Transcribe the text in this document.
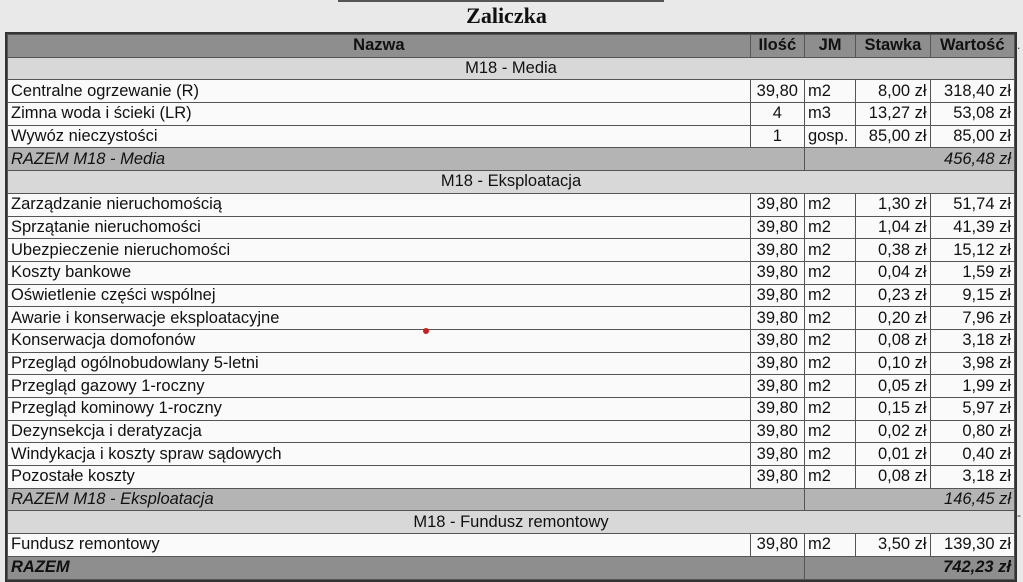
Zaliczka
Nazwa	Ilość	JM	Stawka	Wartość
M18 - Media				
Centralne ogrzewanie (R)	39,80	m2	8,00 zł	318,40 zł
Zimna woda i ścieki (LR)	4	m3	13,27 zł	53,08 zł
Wywóz nieczystości	1	gosp.	85,00 zł	85,00 zł
RAZEM M18 - Media		456,48 zł		
M18 - Eksploatacja				
Zarządzanie nieruchomością	39,80	m2	1,30 zł	51,74 zł
Sprzątanie nieruchomości	39,80	m2	1,04 zł	41,39 zł
Ubezpieczenie nieruchomości	39,80	m2	0,38 zł	15,12 zł
Koszty bankowe	39,80	m2	0,04 zł	1,59 zł
Oświetlenie części wspólnej	39,80	m2	0,23 zł	9,15 zł
Awarie i konserwacje eksploatacyjne	39,80	m2	0,20 zł	7,96 zł
Konserwacja domofonów	39,80	m2	0,08 zł	3,18 zł
Przegląd ogólnobudowlany 5-letni	39,80	m2	0,10 zł	3,98 zł
Przegląd gazowy 1-roczny	39,80	m2	0,05 zł	1,99 zł
Przegląd kominowy 1-roczny	39,80	m2	0,15 zł	5,97 zł
Dezynsekcja i deratyzacja	39,80	m2	0,02 zł	0,80 zł
Windykacja i koszty spraw sądowych	39,80	m2	0,01 zł	0,40 zł
Pozostałe koszty	39,80	m2	0,08 zł	3,18 zł
RAZEM M18 - Eksploatacja		146,45 zł		
M18 - Fundusz remontowy				
Fundusz remontowy	39,80	m2	3,50 zł	139,30 zł
RAZEM		742,23 zł		
.
-
